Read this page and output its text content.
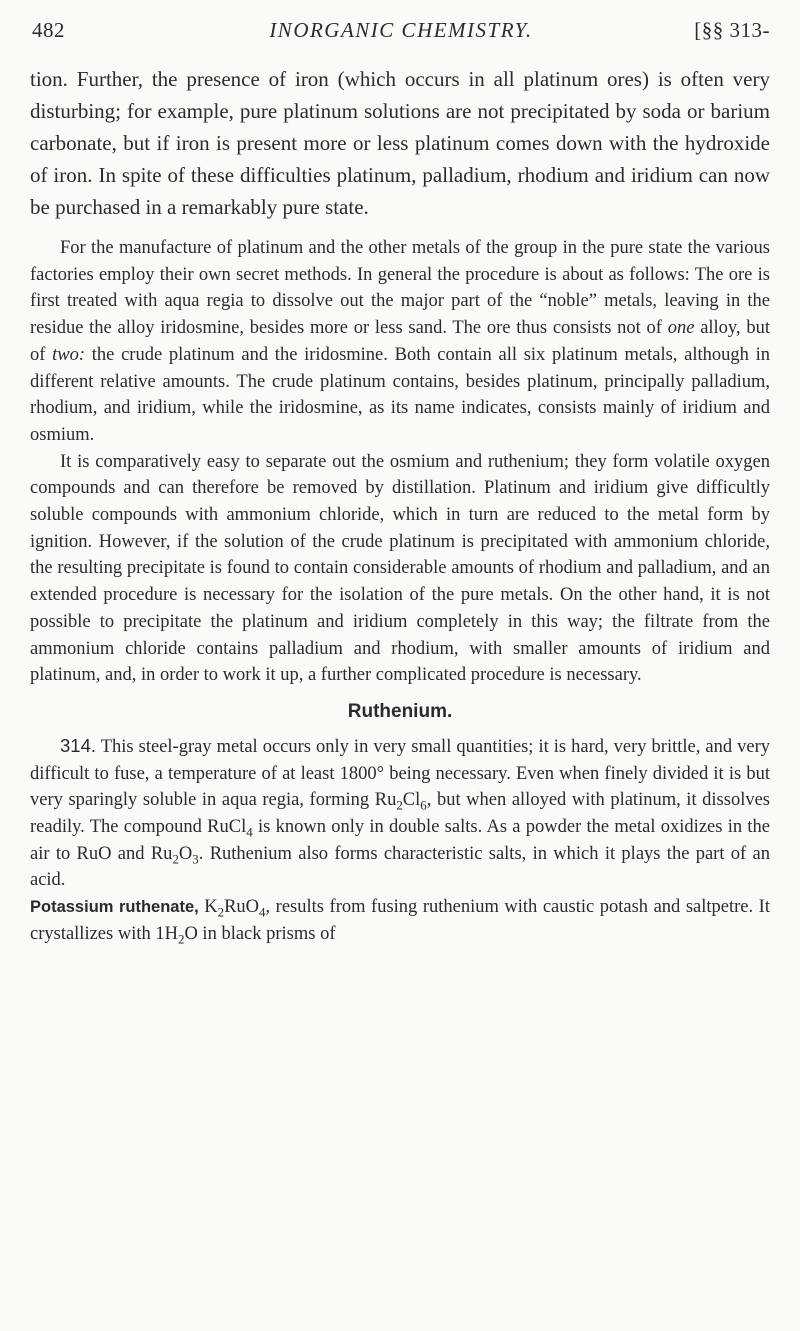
482	INORGANIC CHEMISTRY.	[§§ 313-

tion. Further, the presence of iron (which occurs in all platinum ores) is often very disturbing; for example, pure platinum solutions are not precipitated by soda or barium carbonate, but if iron is present more or less platinum comes down with the hydroxide of iron. In spite of these difficulties platinum, palladium, rhodium and iridium can now be purchased in a remarkably pure state.

For the manufacture of platinum and the other metals of the group in the pure state the various factories employ their own secret methods. In general the procedure is about as follows: The ore is first treated with aqua regia to dissolve out the major part of the “noble” metals, leaving in the residue the alloy iridosmine, besides more or less sand. The ore thus consists not of one alloy, but of two: the crude platinum and the iridosmine. Both contain all six platinum metals, although in different relative amounts. The crude platinum contains, besides platinum, principally palladium, rhodium, and iridium, while the iridosmine, as its name indicates, consists mainly of iridium and osmium.

It is comparatively easy to separate out the osmium and ruthenium; they form volatile oxygen compounds and can therefore be removed by distillation. Platinum and iridium give difficultly soluble compounds with ammonium chloride, which in turn are reduced to the metal form by ignition. However, if the solution of the crude platinum is precipitated with ammonium chloride, the resulting precipitate is found to contain considerable amounts of rhodium and palladium, and an extended procedure is necessary for the isolation of the pure metals. On the other hand, it is not possible to precipitate the platinum and iridium completely in this way; the filtrate from the ammonium chloride contains palladium and rhodium, with smaller amounts of iridium and platinum, and, in order to work it up, a further complicated procedure is necessary.

Ruthenium.

314. This steel-gray metal occurs only in very small quantities; it is hard, very brittle, and very difficult to fuse, a temperature of at least 1800° being necessary. Even when finely divided it is but very sparingly soluble in aqua regia, forming $Ru_2Cl_6$, but when alloyed with platinum, it dissolves readily. The compound RuCl$_4$ is known only in double salts. As a powder the metal oxidizes in the air to RuO and $Ru_2O_3$. Ruthenium also forms characteristic salts, in which it plays the part of an acid.

Potassium ruthenate, $K_2RuO_4$, results from fusing ruthenium with caustic potash and saltpetre. It crystallizes with $1H_2O$ in black prisms of
